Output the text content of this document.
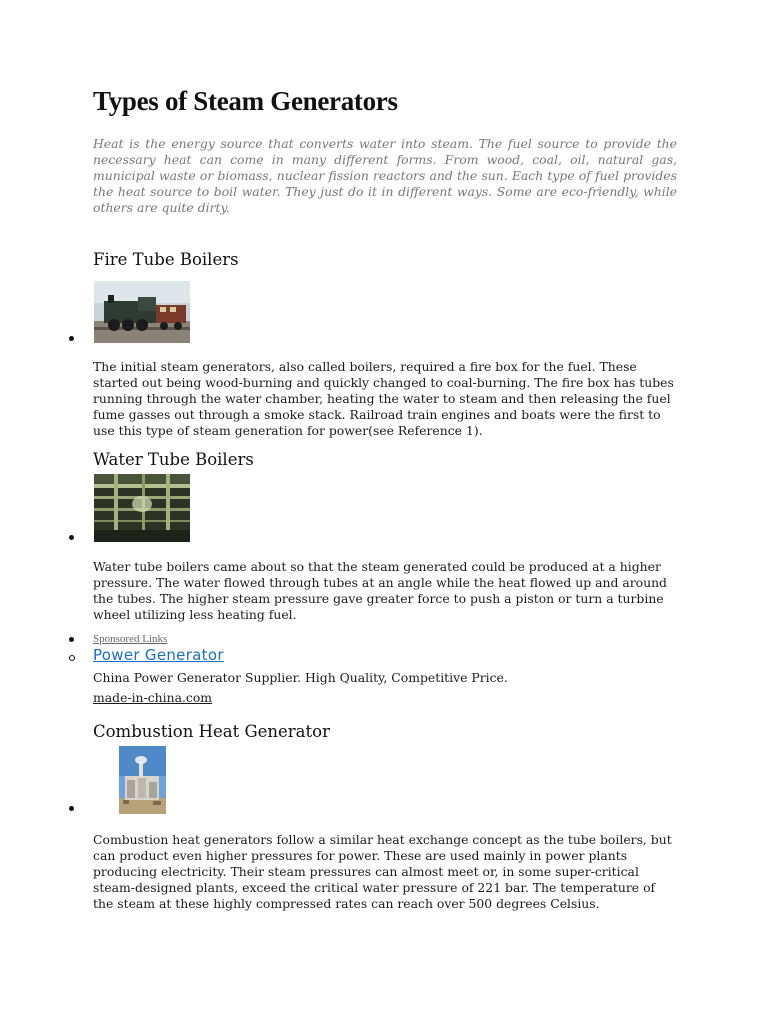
Types of Steam Generators

Heat is the energy source that converts water into steam. The fuel source to provide the necessary heat can come in many different forms. From wood, coal, oil, natural gas, municipal waste or biomass, nuclear fission reactors and the sun. Each type of fuel provides the heat source to boil water. They just do it in different ways. Some are eco-friendly, while others are quite dirty.

Fire Tube Boilers

The initial steam generators, also called boilers, required a fire box for the fuel. These started out being wood-burning and quickly changed to coal-burning. The fire box has tubes running through the water chamber, heating the water to steam and then releasing the fuel fume gasses out through a smoke stack. Railroad train engines and boats were the first to use this type of steam generation for power(see Reference 1).

Water Tube Boilers

Water tube boilers came about so that the steam generated could be produced at a higher pressure. The water flowed through tubes at an angle while the heat flowed up and around the tubes. The higher steam pressure gave greater force to push a piston or turn a turbine wheel utilizing less heating fuel.

Sponsored Links

Power Generator

China Power Generator Supplier. High Quality, Competitive Price.

made-in-china.com

Combustion Heat Generator

Combustion heat generators follow a similar heat exchange concept as the tube boilers, but can product even higher pressures for power. These are used mainly in power plants producing electricity. Their steam pressures can almost meet or, in some super-critical steam-designed plants, exceed the critical water pressure of 221 bar. The temperature of the steam at these highly compressed rates can reach over 500 degrees Celsius.
